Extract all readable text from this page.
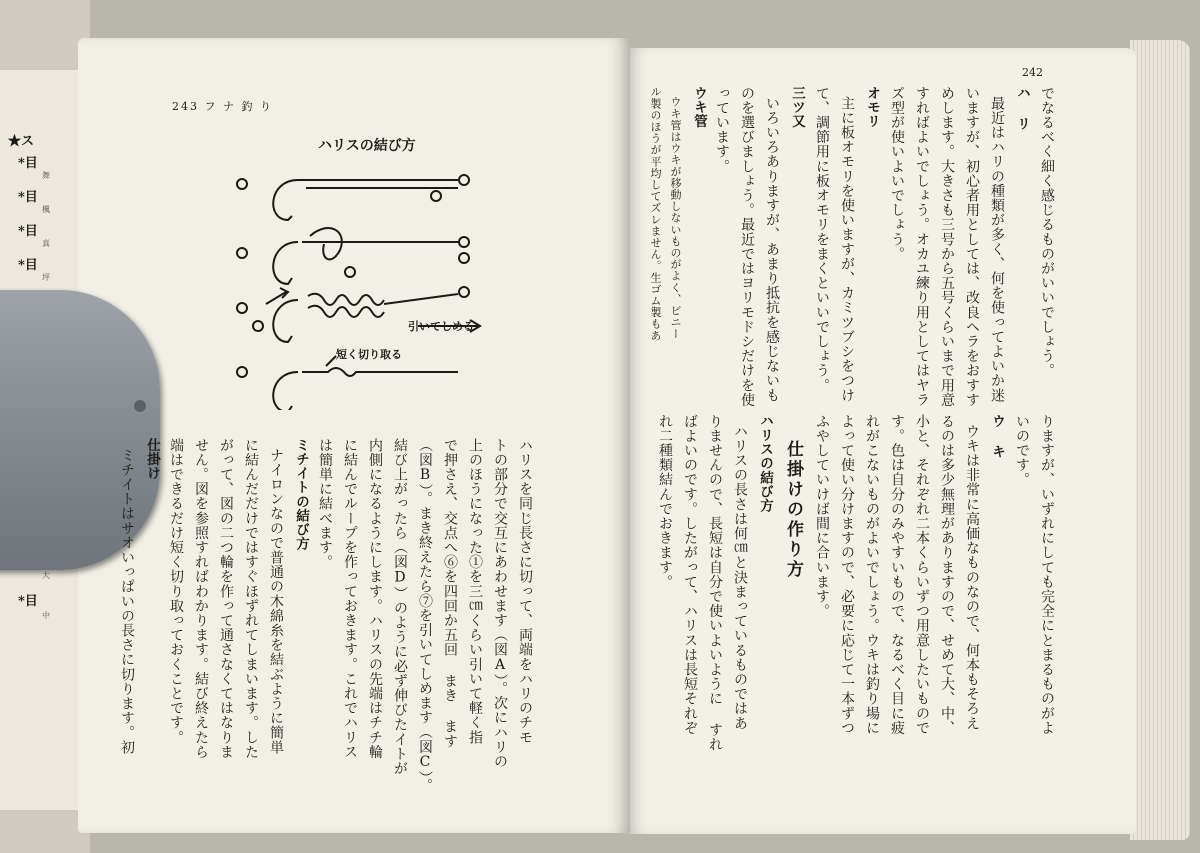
★ス
*目
舞
*目
楓
*目
真
*目
坪
大
*目
中
243 フ ナ 釣 り
ハリスの結び方
引いてしめる
短く切り取る
ハリスを同じ長さに切って、両端をハリのチモ
トの部分で交互にあわせます（図A）。次にハリの
上のほうになった①を三㎝くらい引いて軽く指
で押さえ、交点へ⑥を四回か五回 まき ます
（図B）。まき終えたら⑦を引いてしめます（図C）。
結び上がったら（図D）のように必ず伸びたイトが
内側になるようにします。ハリスの先端はチチ輪
に結んでループを作っておきます。これでハリス
は簡単に結べます。
ミチイトの結び方
ナイロンなので普通の木綿糸を結ぶように簡単
に結んだだけではすぐほずれてしまいます。した
がって、図の二つ輪を作って通さなくてはなりま
せん。図を参照すればわかります。結び終えたら
端はできるだけ短く切り取っておくことです。
仕掛け
ミチイトはサオいっぱいの長さに切ります。初
242
でなるべく細く感じるものがいいでしょう。
ハ リ
最近はハリの種類が多く、何を使ってよいか迷
いますが、初心者用としては、改良ヘラをおすす
めします。大きさも三号から五号くらいまで用意
すればよいでしょう。オカユ練り用としてはヤラ
ズ型が使いよいでしょう。
オモリ
主に板オモリを使いますが、カミツブシをつけ
て、調節用に板オモリをまくといいでしょう。
三ツ又
いろいろありますが、あまり抵抗を感じないも
のを選びましょう。最近ではヨリモドシだけを使
っています。
ウキ管
ウキ管はウキが移動しないものがよく、ビニー
ル製のほうが平均してズレません。生ゴム製もあ
りますが、いずれにしても完全にとまるものがよ
いのです。
ウ キ
ウキは非常に高価なものなので、何本もそろえ
るのは多少無理がありますので、せめて大、中、
小と、それぞれ二本くらいずつ用意したいもので
す。色は自分のみやすいもので、なるべく目に疲
れがこないものがよいでしょう。ウキは釣り場に
よって使い分けますので、必要に応じて一本ずつ
ふやしていけば間に合います。
仕掛けの作り方
ハリスの結び方
ハリスの長さは何㎝と決まっているものではあ
りませんので、長短は自分で使いよいように すれ
ばよいのです。したがって、ハリスは長短それぞ
れ二種類結んでおきます。
